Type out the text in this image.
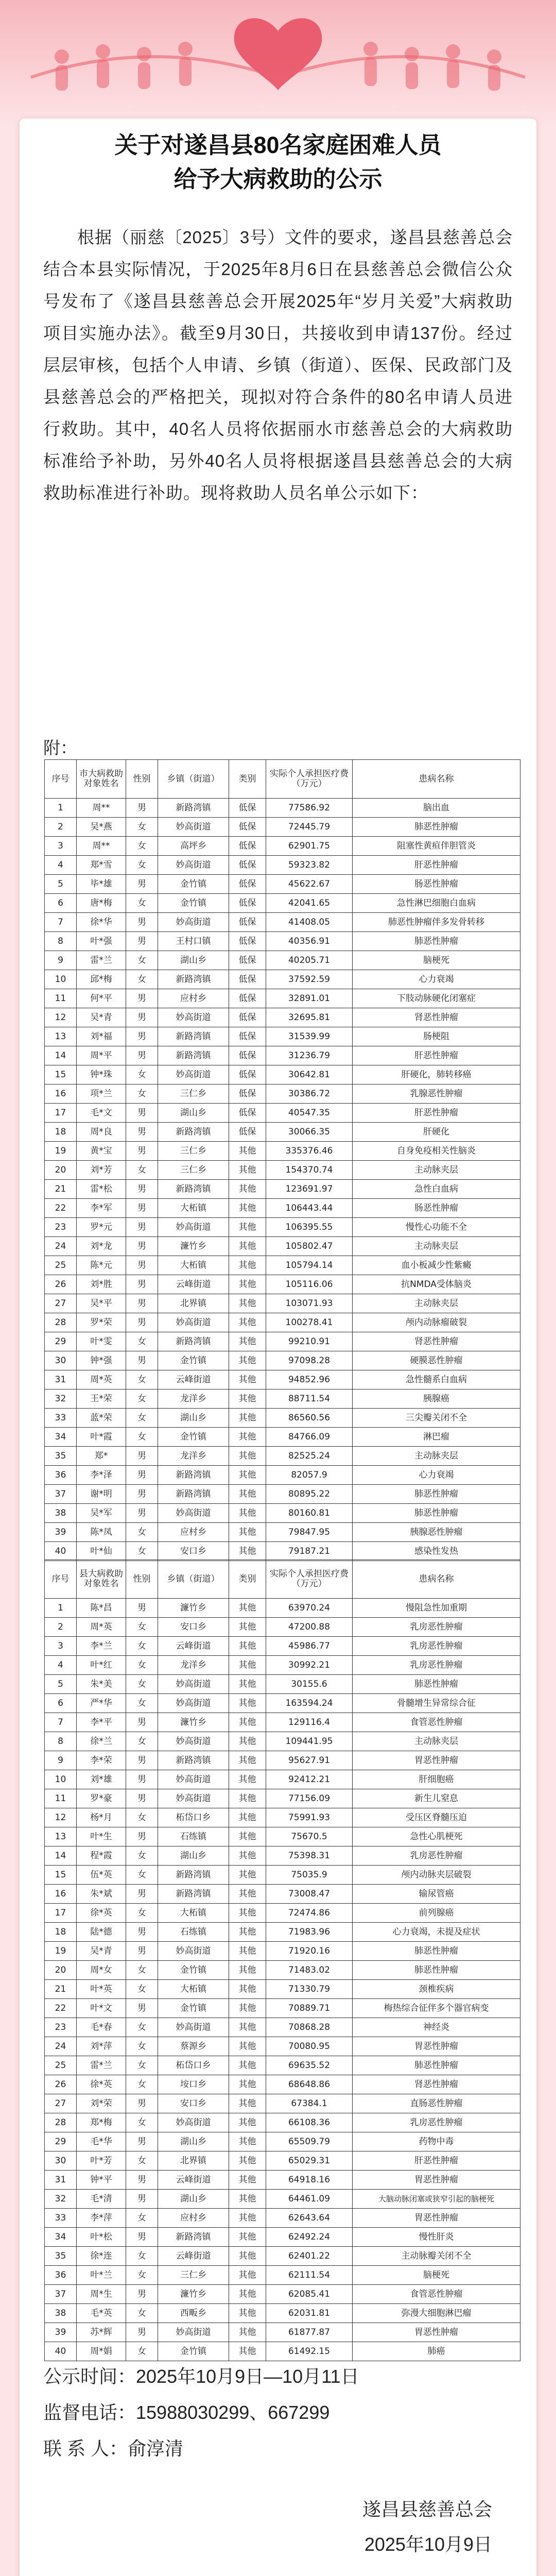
关于对遂昌县80名家庭困难人员
给予大病救助的公示

根据（丽慈〔2025〕3号）文件的要求，遂昌县慈善总会结合本县实际情况，于2025年8月6日在县慈善总会微信公众号发布了《遂昌县慈善总会开展2025年“岁月关爱”大病救助项目实施办法》。截至9月30日，共接收到申请137份。经过层层审核，包括个人申请、乡镇（街道）、医保、民政部门及县慈善总会的严格把关，现拟对符合条件的80名申请人员进行救助。其中，40名人员将依据丽水市慈善总会的大病救助标准给予补助，另外40名人员将根据遂昌县慈善总会的大病救助标准进行补助。现将救助人员名单公示如下：

附：
序号	市大病救助对象姓名	性别	乡镇（街道）	类别	实际个人承担医疗费（万元）	患病名称
1	周**	男	新路湾镇	低保	77586.92	脑出血
2	吴*燕	女	妙高街道	低保	72445.79	肺恶性肿瘤
3	周**	女	高坪乡	低保	62901.75	阻塞性黄疸伴胆管炎
4	郑*雪	女	妙高街道	低保	59323.82	肝恶性肿瘤
5	毕*雄	男	金竹镇	低保	45622.67	肠恶性肿瘤
6	唐*梅	女	金竹镇	低保	42041.65	急性淋巴细胞白血病
7	徐*华	男	妙高街道	低保	41408.05	肺恶性肿瘤伴多发骨转移
8	叶*强	男	王村口镇	低保	40356.91	肺恶性肿瘤
9	雷*兰	女	湖山乡	低保	40205.71	脑梗死
10	邱*梅	女	新路湾镇	低保	37592.59	心力衰竭
11	何*平	男	应村乡	低保	32891.01	下肢动脉硬化闭塞症
12	吴*青	男	妙高街道	低保	32695.81	肾恶性肿瘤
13	刘*福	男	新路湾镇	低保	31539.99	肠梗阻
14	周*平	男	新路湾镇	低保	31236.79	肝恶性肿瘤
15	钟*珠	女	妙高街道	低保	30642.81	肝硬化，肺转移癌
16	项*兰	女	三仁乡	低保	30386.72	乳腺恶性肿瘤
17	毛*文	男	湖山乡	低保	40547.35	肝恶性肿瘤
18	周*良	男	新路湾镇	低保	30066.35	肝硬化
19	黄*宝	男	三仁乡	其他	335376.46	自身免疫相关性脑炎
20	刘*芳	女	三仁乡	其他	154370.74	主动脉夹层
21	雷*松	男	新路湾镇	其他	123691.97	急性白血病
22	李*军	男	大柘镇	其他	106443.44	肠恶性肿瘤
23	罗*元	男	妙高街道	其他	106395.55	慢性心功能不全
24	刘*龙	男	濂竹乡	其他	105802.47	主动脉夹层
25	陈*元	男	大柘镇	其他	105794.14	血小板减少性紫癜
26	刘*胜	男	云峰街道	其他	105116.06	抗NMDA受体脑炎
27	吴*平	男	北界镇	其他	103071.93	主动脉夹层
28	罗*荣	男	妙高街道	其他	100278.41	颅内动脉瘤破裂
29	叶*雯	女	新路湾镇	其他	99210.91	肾恶性肿瘤
30	钟*强	男	金竹镇	其他	97098.28	硬膜恶性肿瘤
31	周*英	女	云峰街道	其他	94852.96	急性髓系白血病
32	王*荣	女	龙洋乡	其他	88711.54	胰腺癌
33	蓝*荣	女	湖山乡	其他	86560.56	三尖瓣关闭不全
34	叶*霞	女	金竹镇	其他	84766.09	淋巴瘤
35	郑*	男	龙洋乡	其他	82525.24	主动脉夹层
36	李*泽	男	新路湾镇	其他	82057.9	心力衰竭
37	谢*明	男	新路湾镇	其他	80895.22	肺恶性肿瘤
38	吴*军	男	妙高街道	其他	80160.81	肺恶性肿瘤
39	陈*凤	女	应村乡	其他	79847.95	胰腺恶性肿瘤
40	叶*仙	女	安口乡	其他	79187.21	感染性发热
序号	县大病救助对象姓名	性别	乡镇（街道）	类别	实际个人承担医疗费（万元）	患病名称
1	陈*昌	男	濂竹乡	其他	63970.24	慢阻急性加重期
2	周*英	女	安口乡	其他	47200.88	乳房恶性肿瘤
3	李*兰	女	云峰街道	其他	45986.77	乳房恶性肿瘤
4	叶*红	女	龙洋乡	其他	30992.21	乳房恶性肿瘤
5	朱*美	女	妙高街道	其他	30155.6	肺恶性肿瘤
6	严*华	女	妙高街道	其他	163594.24	骨髓增生异常综合征
7	李*平	男	濂竹乡	其他	129116.4	食管恶性肿瘤
8	徐*兰	女	妙高街道	其他	109441.95	主动脉夹层
9	李*荣	男	新路湾镇	其他	95627.91	胃恶性肿瘤
10	刘*雄	男	妙高街道	其他	92412.21	肝细胞癌
11	罗*豪	男	妙高街道	其他	77156.09	新生儿窒息
12	杨*月	女	柘岱口乡	其他	75991.93	受压区脊髓压迫
13	叶*生	男	石练镇	其他	75670.5	急性心肌梗死
14	程*霞	女	湖山乡	其他	75398.31	乳房恶性肿瘤
15	伍*英	女	新路湾镇	其他	75035.9	颅内动脉夹层破裂
16	朱*斌	男	新路湾镇	其他	73008.47	输尿管癌
17	徐*英	女	大柘镇	其他	72474.86	前列腺癌
18	陆*德	男	石练镇	其他	71983.96	心力衰竭，未提及症状
19	吴*青	男	妙高街道	其他	71920.16	肺恶性肿瘤
20	周*女	女	金竹镇	其他	71483.02	肺恶性肿瘤
21	叶*英	女	大柘镇	其他	71330.79	颈椎疾病
22	叶*文	男	金竹镇	其他	70889.71	梅热综合征伴多个器官病变
23	毛*春	女	妙高街道	其他	70868.28	神经炎
24	刘*萍	女	蔡源乡	其他	70080.95	胃恶性肿瘤
25	雷*兰	女	柘岱口乡	其他	69635.52	肺恶性肿瘤
26	徐*英	女	垵口乡	其他	68648.86	肾恶性肿瘤
27	刘*荣	男	安口乡	其他	67384.1	直肠恶性肿瘤
28	郑*梅	女	妙高街道	其他	66108.36	乳房恶性肿瘤
29	毛*华	男	湖山乡	其他	65509.79	药物中毒
30	叶*芳	女	北界镇	其他	65029.31	肝恶性肿瘤
31	钟*平	男	云峰街道	其他	64918.16	胃恶性肿瘤
32	毛*清	男	湖山乡	其他	64461.09	大脑动脉闭塞或狭窄引起的脑梗死
33	李*萍	女	应村乡	其他	62643.64	胃恶性肿瘤
34	叶*松	男	新路湾镇	其他	62492.24	慢性肝炎
35	徐*连	女	云峰街道	其他	62401.22	主动脉瓣关闭不全
36	叶*兰	女	三仁乡	其他	62111.54	脑梗死
37	周*生	男	濂竹乡	其他	62085.41	食管恶性肿瘤
38	毛*英	女	西畈乡	其他	62031.81	弥漫大细胞淋巴瘤
39	苏*辉	男	妙高街道	其他	61877.87	胃恶性肿瘤
40	周*娟	女	金竹镇	其他	61492.15	肺癌
公示时间：2025年10月9日—10月11日
监督电话：15988030299、667299
联 系 人：俞淳清
遂昌县慈善总会
2025年10月9日
